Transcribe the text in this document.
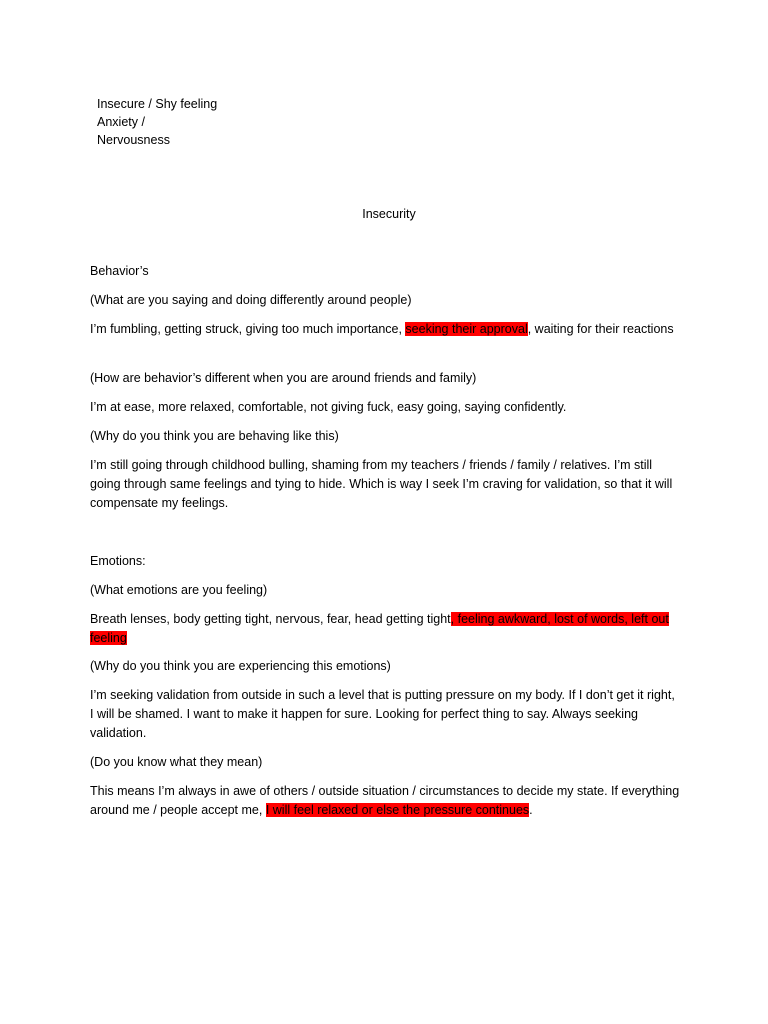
Insecure / Shy feeling
Anxiety /
Nervousness
Insecurity
Behavior’s
(What are you saying and doing differently around people)
I’m fumbling, getting struck, giving too much importance, seeking their approval, waiting for their reactions
(How are behavior’s different when you are around friends and family)
I’m at ease, more relaxed, comfortable, not giving fuck, easy going, saying confidently.
(Why do you think you are behaving like this)
I’m still going through childhood bulling, shaming from my teachers / friends / family / relatives. I’m still going through same feelings and tying to hide. Which is way I seek I’m craving for validation, so that it will compensate my feelings.
Emotions:
(What emotions are you feeling)
Breath lenses, body getting tight, nervous, fear, head getting tight, feeling awkward, lost of words, left out feeling
(Why do you think you are experiencing this emotions)
I’m seeking validation from outside in such a level that is putting pressure on my body. If I don’t get it right, I will be shamed. I want to make it happen for sure. Looking for perfect thing to say. Always seeking validation.
(Do you know what they mean)
This means I’m always in awe of others / outside situation / circumstances to decide my state. If everything around me / people accept me, I will feel relaxed or else the pressure continues.
